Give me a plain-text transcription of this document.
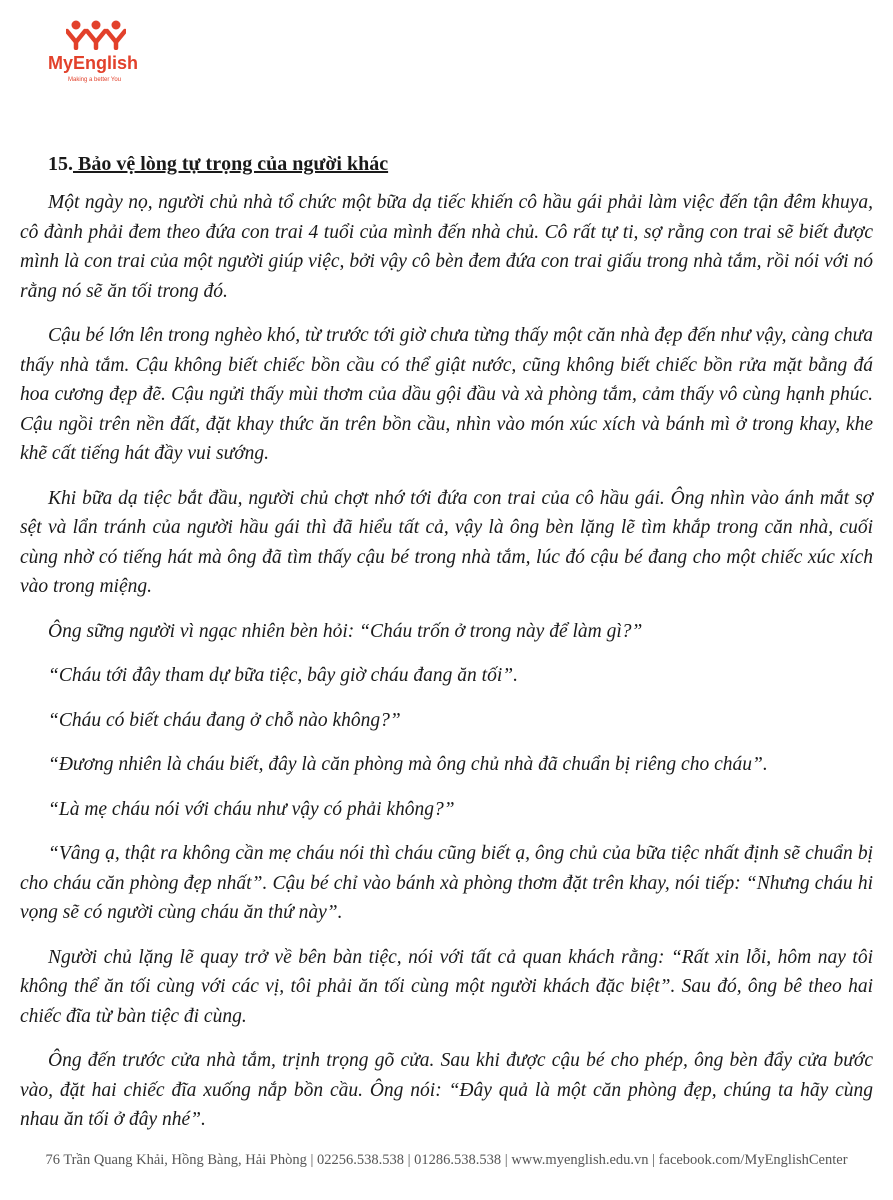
MyEnglish
Making a better You
15. Bảo vệ lòng tự trọng của người khác

Một ngày nọ, người chủ nhà tổ chức một bữa dạ tiếc khiến cô hầu gái phải làm việc đến tận đêm khuya, cô đành phải đem theo đứa con trai 4 tuổi của mình đến nhà chủ. Cô rất tự ti, sợ rằng con trai sẽ biết được mình là con trai của một người giúp việc, bởi vậy cô bèn đem đứa con trai giấu trong nhà tắm, rồi nói với nó rằng nó sẽ ăn tối trong đó.

Cậu bé lớn lên trong nghèo khó, từ trước tới giờ chưa từng thấy một căn nhà đẹp đến như vậy, càng chưa thấy nhà tắm. Cậu không biết chiếc bồn cầu có thể giật nước, cũng không biết chiếc bồn rửa mặt bằng đá hoa cương đẹp đẽ. Cậu ngửi thấy mùi thơm của dầu gội đầu và xà phòng tắm, cảm thấy vô cùng hạnh phúc. Cậu ngồi trên nền đất, đặt khay thức ăn trên bồn cầu, nhìn vào món xúc xích và bánh mì ở trong khay, khe khẽ cất tiếng hát đầy vui sướng.

Khi bữa dạ tiệc bắt đầu, người chủ chợt nhớ tới đứa con trai của cô hầu gái. Ông nhìn vào ánh mắt sợ sệt và lẩn tránh của người hầu gái thì đã hiểu tất cả, vậy là ông bèn lặng lẽ tìm khắp trong căn nhà, cuối cùng nhờ có tiếng hát mà ông đã tìm thấy cậu bé trong nhà tắm, lúc đó cậu bé đang cho một chiếc xúc xích vào trong miệng.

Ông sững người vì ngạc nhiên bèn hỏi: “Cháu trốn ở trong này để làm gì?”

“Cháu tới đây tham dự bữa tiệc, bây giờ cháu đang ăn tối”.

“Cháu có biết cháu đang ở chỗ nào không?”

“Đương nhiên là cháu biết, đây là căn phòng mà ông chủ nhà đã chuẩn bị riêng cho cháu”.

“Là mẹ cháu nói với cháu như vậy có phải không?”

“Vâng ạ, thật ra không cần mẹ cháu nói thì cháu cũng biết ạ, ông chủ của bữa tiệc nhất định sẽ chuẩn bị cho cháu căn phòng đẹp nhất”. Cậu bé chỉ vào bánh xà phòng thơm đặt trên khay, nói tiếp: “Nhưng cháu hi vọng sẽ có người cùng cháu ăn thứ này”.

Người chủ lặng lẽ quay trở về bên bàn tiệc, nói với tất cả quan khách rằng: “Rất xin lỗi, hôm nay tôi không thể ăn tối cùng với các vị, tôi phải ăn tối cùng một người khách đặc biệt”. Sau đó, ông bê theo hai chiếc đĩa từ bàn tiệc đi cùng.

Ông đến trước cửa nhà tắm, trịnh trọng gõ cửa. Sau khi được cậu bé cho phép, ông bèn đẩy cửa bước vào, đặt hai chiếc đĩa xuống nắp bồn cầu. Ông nói: “Đây quả là một căn phòng đẹp, chúng ta hãy cùng nhau ăn tối ở đây nhé”.

76 Trần Quang Khải, Hồng Bàng, Hải Phòng | 02256.538.538 | 01286.538.538 | www.myenglish.edu.vn | facebook.com/MyEnglishCenter
